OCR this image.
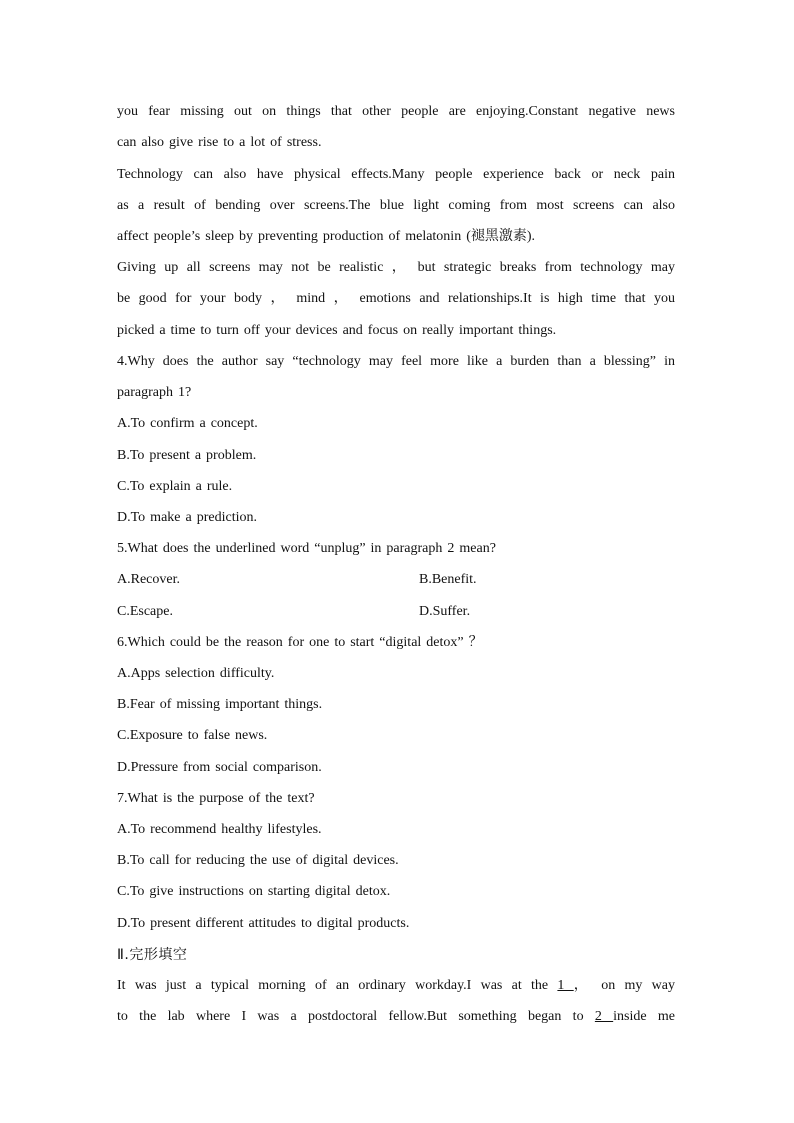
you fear missing out on things that other people are enjoying.Constant negative news
can also give rise to a lot of stress.
Technology can also have physical effects.Many people experience back or neck pain
as a result of bending over screens.The blue light coming from most screens can also
affect people’s sleep by preventing production of melatonin (褪黑激素).
Giving up all screens may not be realistic ， but strategic breaks from technology may
be good for your body ， mind ， emotions and relationships.It is high time that you
picked a time to turn off your devices and focus on really important things.
4.Why does the author say “technology may feel more like a burden than a blessing” in
paragraph 1?
A.To confirm a concept.
B.To present a problem.
C.To explain a rule.
D.To make a prediction.
5.What does the underlined word “unplug” in paragraph 2 mean?
A.Recover.	B.Benefit.
C.Escape.	D.Suffer.
6.Which could be the reason for one to start “digital detox” ？
A.Apps selection difficulty.
B.Fear of missing important things.
C.Exposure to false news.
D.Pressure from social comparison.
7.What is the purpose of the text?
A.To recommend healthy lifestyles.
B.To call for reducing the use of digital devices.
C.To give instructions on starting digital detox.
D.To present different attitudes to digital products.
Ⅱ.完形填空
It was just a typical morning of an ordinary workday.I was at the 1 ， on my way
to the lab where I was a postdoctoral fellow.But something began to 2 inside me
